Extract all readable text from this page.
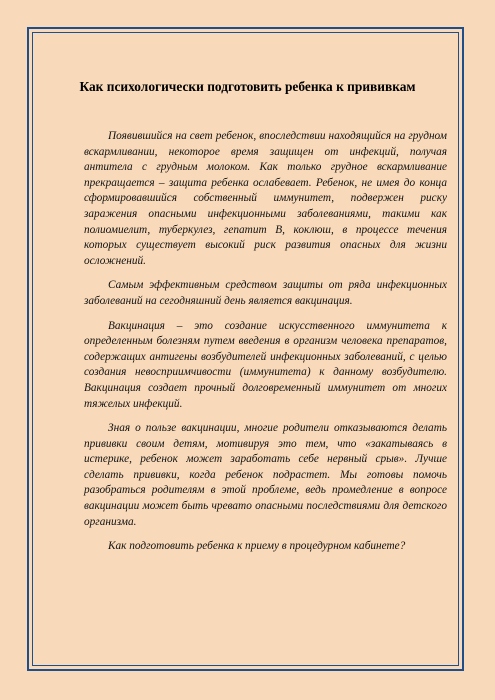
Как психологически подготовить ребенка к прививкам

Появившийся на свет ребенок, впоследствии находящийся на грудном вскармливании, некоторое время защищен от инфекций, получая антитела с грудным молоком. Как только грудное вскармливание прекращается – защита ребенка ослабевает. Ребенок, не имея до конца сформировавшийся собственный иммунитет, подвержен риску заражения опасными инфекционными заболеваниями, такими как полиомиелит, туберкулез, гепатит В, коклюш, в процессе течения которых существует высокий риск развития опасных для жизни осложнений.

Самым эффективным средством защиты от ряда инфекционных заболеваний на сегодняшний день является вакцинация.

Вакцинация – это создание искусственного иммунитета к определенным болезням путем введения в организм человека препаратов, содержащих антигены возбудителей инфекционных заболеваний, с целью создания невосприимчивости (иммунитета) к данному возбудителю. Вакцинация создает прочный долговременный иммунитет от многих тяжелых инфекций.

Зная о пользе вакцинации, многие родители отказываются делать прививки своим детям, мотивируя это тем, что «закатываясь в истерике, ребенок может заработать себе нервный срыв». Лучше сделать прививки, когда ребенок подрастет. Мы готовы помочь разобраться родителям в этой проблеме, ведь промедление в вопросе вакцинации может быть чревато опасными последствиями для детского организма.

Как подготовить ребенка к приему в процедурном кабинете?
